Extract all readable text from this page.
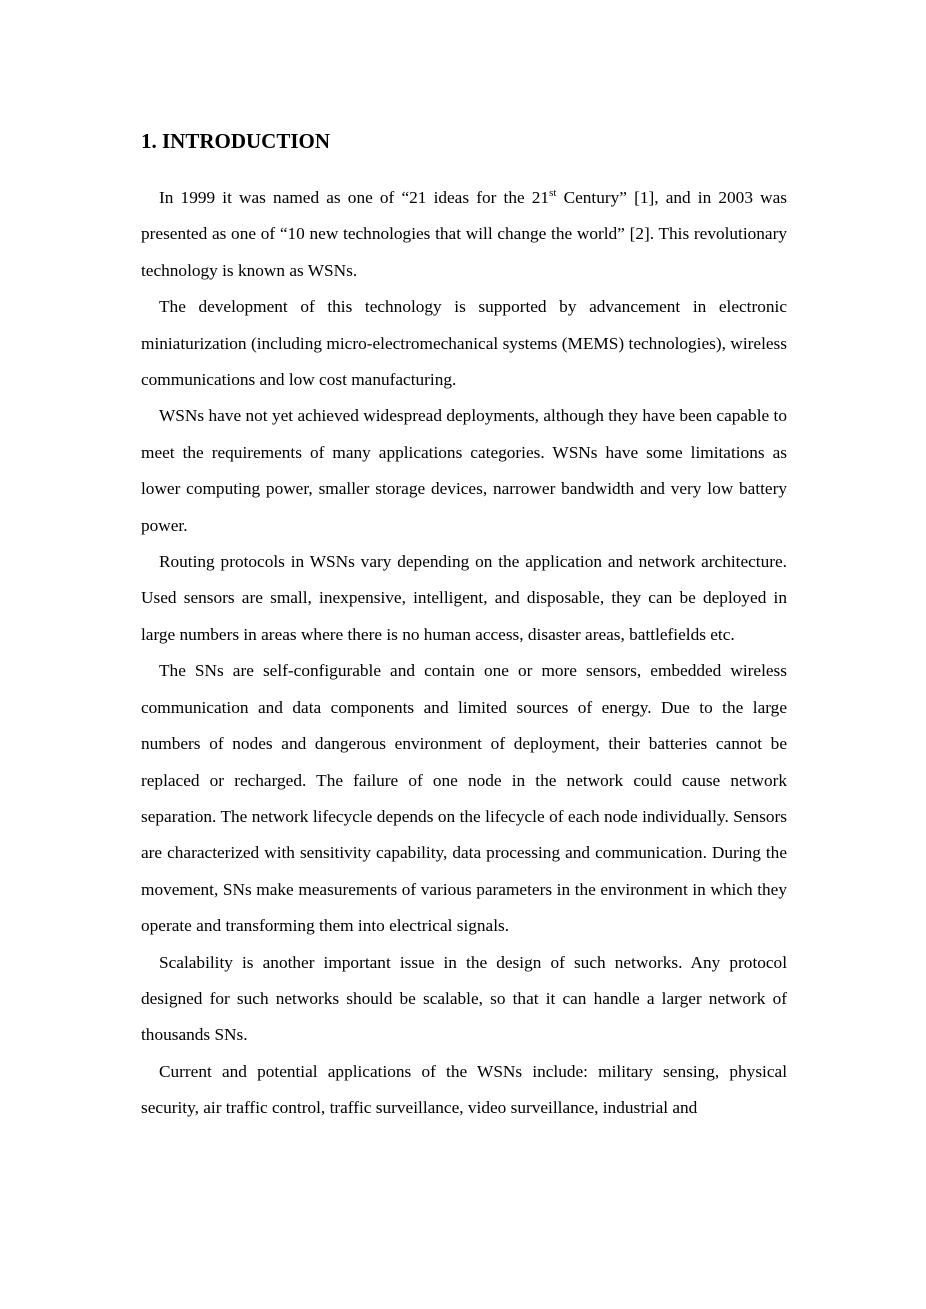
1. INTRODUCTION

In 1999 it was named as one of “21 ideas for the 21st Century” [1], and in 2003 was presented as one of “10 new technologies that will change the world” [2]. This revolutionary technology is known as WSNs.

The development of this technology is supported by advancement in electronic miniaturization (including micro-electromechanical systems (MEMS) technologies), wireless communications and low cost manufacturing.

WSNs have not yet achieved widespread deployments, although they have been capable to meet the requirements of many applications categories. WSNs have some limitations as lower computing power, smaller storage devices, narrower bandwidth and very low battery power.

Routing protocols in WSNs vary depending on the application and network architecture. Used sensors are small, inexpensive, intelligent, and disposable, they can be deployed in large numbers in areas where there is no human access, disaster areas, battlefields etc.

The SNs are self-configurable and contain one or more sensors, embedded wireless communication and data components and limited sources of energy. Due to the large numbers of nodes and dangerous environment of deployment, their batteries cannot be replaced or recharged. The failure of one node in the network could cause network separation. The network lifecycle depends on the lifecycle of each node individually. Sensors are characterized with sensitivity capability, data processing and communication. During the movement, SNs make measurements of various parameters in the environment in which they operate and transforming them into electrical signals.

Scalability is another important issue in the design of such networks. Any protocol designed for such networks should be scalable, so that it can handle a larger network of thousands SNs.

Current and potential applications of the WSNs include: military sensing, physical security, air traffic control, traffic surveillance, video surveillance, industrial and
